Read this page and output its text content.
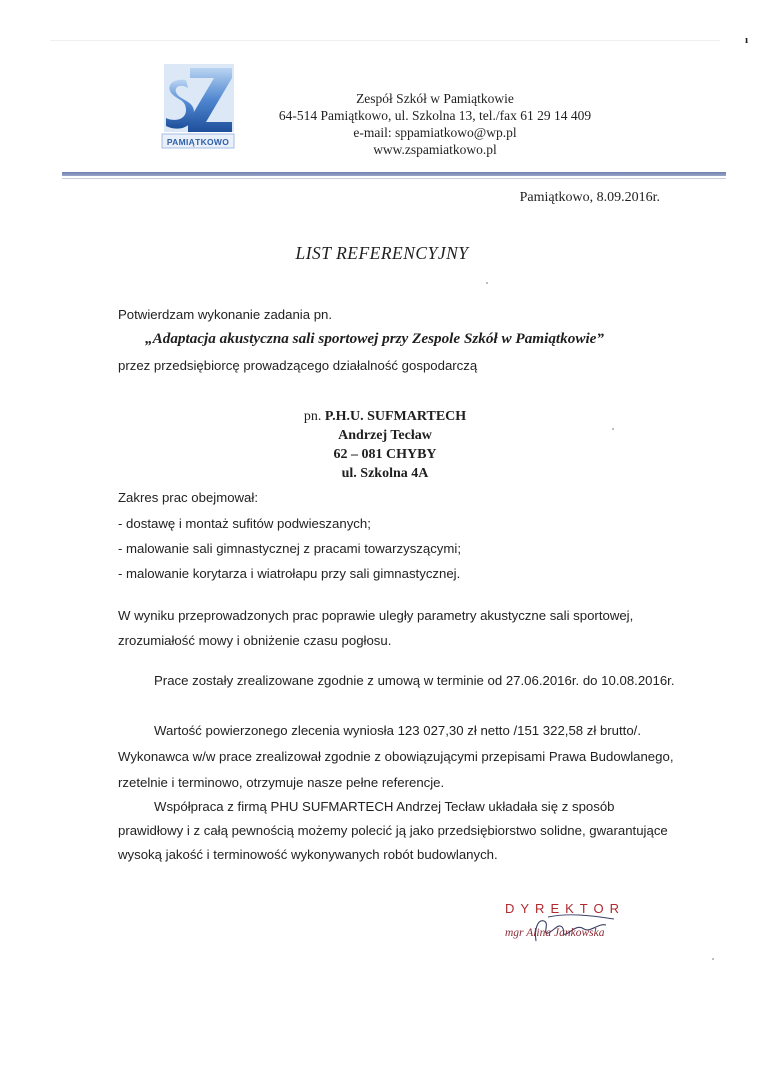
ı
PAMIĄTKOWO
Zespół Szkół w Pamiątkowie
64-514 Pamiątkowo, ul. Szkolna 13, tel./fax 61 29 14 409
e-mail: sppamiatkowo@wp.pl
www.zspamiatkowo.pl
Pamiątkowo, 8.09.2016r.
LIST REFERENCYJNY
Potwierdzam wykonanie zadania pn.
„Adaptacja akustyczna sali sportowej przy Zespole Szkół w Pamiątkowie”
przez przedsiębiorcę prowadzącego działalność gospodarczą
pn. P.H.U. SUFMARTECH
Andrzej Tecław
62 – 081 CHYBY
ul. Szkolna 4A
Zakres prac obejmował:
- dostawę i montaż sufitów podwieszanych;
- malowanie sali gimnastycznej z pracami towarzyszącymi;
- malowanie korytarza i wiatrołapu przy sali gimnastycznej.
W wyniku przeprowadzonych prac poprawie uległy parametry akustyczne sali sportowej, zrozumiałość mowy i obniżenie czasu pogłosu.
Prace zostały zrealizowane zgodnie z umową w terminie od 27.06.2016r. do 10.08.2016r.
Wartość powierzonego zlecenia wyniosła 123 027,30 zł netto /151 322,58 zł brutto/. Wykonawca w/w prace zrealizował zgodnie z obowiązującymi przepisami Prawa Budowlanego, rzetelnie i terminowo, otrzymuje nasze pełne referencje.
Współpraca z firmą PHU SUFMARTECH Andrzej Tecław układała się z sposób prawidłowy i z całą pewnością możemy polecić ją jako przedsiębiorstwo solidne, gwarantujące wysoką jakość i terminowość wykonywanych robót budowlanych.
DYREKTOR
mgr Alina Jankowska
